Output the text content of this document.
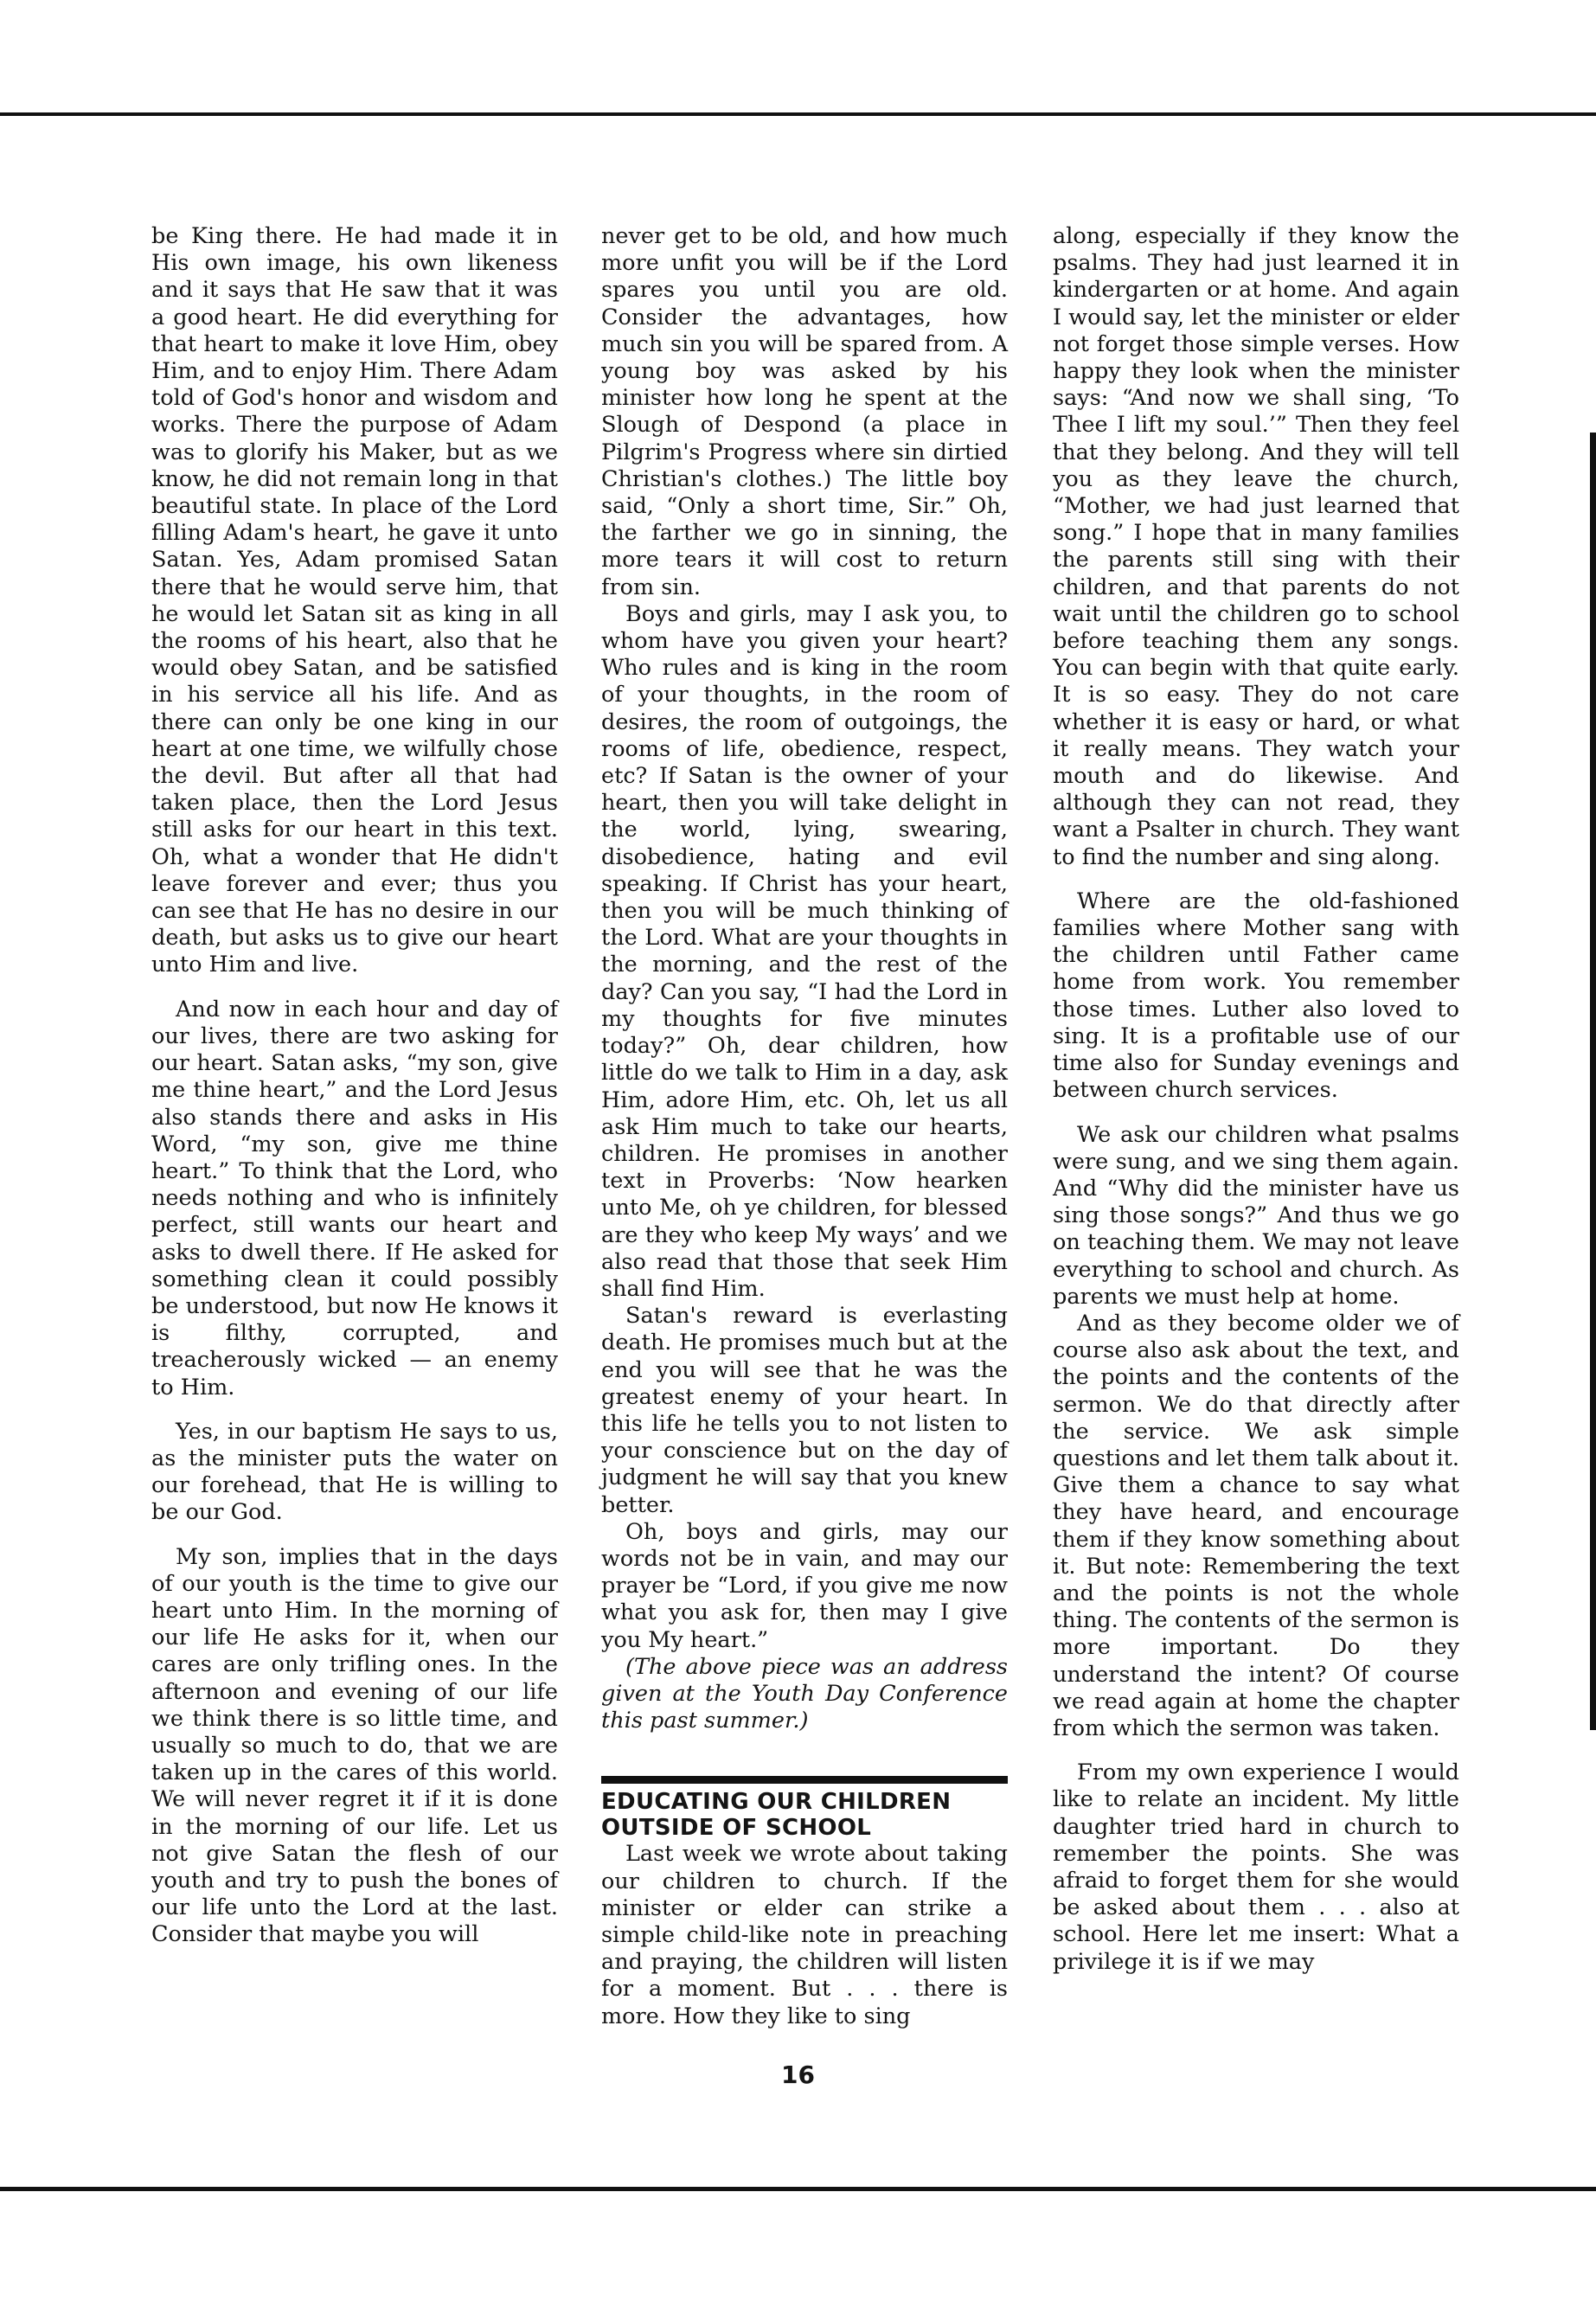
be King there. He had made it in His own image, his own likeness and it says that He saw that it was a good heart. He did everything for that heart to make it love Him, obey Him, and to enjoy Him. There Adam told of God's honor and wisdom and works. There the purpose of Adam was to glorify his Maker, but as we know, he did not remain long in that beautiful state. In place of the Lord filling Adam's heart, he gave it unto Satan. Yes, Adam promised Satan there that he would serve him, that he would let Satan sit as king in all the rooms of his heart, also that he would obey Satan, and be satisfied in his service all his life. And as there can only be one king in our heart at one time, we wilfully chose the devil. But after all that had taken place, then the Lord Jesus still asks for our heart in this text. Oh, what a wonder that He didn't leave forever and ever; thus you can see that He has no desire in our death, but asks us to give our heart unto Him and live.

And now in each hour and day of our lives, there are two asking for our heart. Satan asks, “my son, give me thine heart,” and the Lord Jesus also stands there and asks in His Word, “my son, give me thine heart.” To think that the Lord, who needs nothing and who is infinitely perfect, still wants our heart and asks to dwell there. If He asked for something clean it could possibly be understood, but now He knows it is filthy, corrupted, and treacherously wicked — an enemy to Him.

Yes, in our baptism He says to us, as the minister puts the water on our forehead, that He is willing to be our God.

My son, implies that in the days of our youth is the time to give our heart unto Him. In the morning of our life He asks for it, when our cares are only trifling ones. In the afternoon and evening of our life we think there is so little time, and usually so much to do, that we are taken up in the cares of this world. We will never regret it if it is done in the morning of our life. Let us not give Satan the flesh of our youth and try to push the bones of our life unto the Lord at the last. Consider that maybe you will

never get to be old, and how much more unfit you will be if the Lord spares you until you are old. Consider the advantages, how much sin you will be spared from. A young boy was asked by his minister how long he spent at the Slough of Despond (a place in Pilgrim's Progress where sin dirtied Christian's clothes.) The little boy said, “Only a short time, Sir.” Oh, the farther we go in sinning, the more tears it will cost to return from sin.

Boys and girls, may I ask you, to whom have you given your heart? Who rules and is king in the room of your thoughts, in the room of desires, the room of outgoings, the rooms of life, obedience, respect, etc? If Satan is the owner of your heart, then you will take delight in the world, lying, swearing, disobedience, hating and evil speaking. If Christ has your heart, then you will be much thinking of the Lord. What are your thoughts in the morning, and the rest of the day? Can you say, “I had the Lord in my thoughts for five minutes today?” Oh, dear children, how little do we talk to Him in a day, ask Him, adore Him, etc. Oh, let us all ask Him much to take our hearts, children. He promises in another text in Proverbs: ‘Now hearken unto Me, oh ye children, for blessed are they who keep My ways’ and we also read that those that seek Him shall find Him.

Satan's reward is everlasting death. He promises much but at the end you will see that he was the greatest enemy of your heart. In this life he tells you to not listen to your conscience but on the day of judgment he will say that you knew better.

Oh, boys and girls, may our words not be in vain, and may our prayer be “Lord, if you give me now what you ask for, then may I give you My heart.”

(The above piece was an address given at the Youth Day Conference this past summer.)

EDUCATING OUR CHILDREN OUTSIDE OF SCHOOL

Last week we wrote about taking our children to church. If the minister or elder can strike a simple child-like note in preaching and praying, the children will listen for a moment. But . . . there is more. How they like to sing

along, especially if they know the psalms. They had just learned it in kindergarten or at home. And again I would say, let the minister or elder not forget those simple verses. How happy they look when the minister says: “And now we shall sing, ‘To Thee I lift my soul.’” Then they feel that they belong. And they will tell you as they leave the church, “Mother, we had just learned that song.” I hope that in many families the parents still sing with their children, and that parents do not wait until the children go to school before teaching them any songs. You can begin with that quite early. It is so easy. They do not care whether it is easy or hard, or what it really means. They watch your mouth and do likewise. And although they can not read, they want a Psalter in church. They want to find the number and sing along.

Where are the old-fashioned families where Mother sang with the children until Father came home from work. You remember those times. Luther also loved to sing. It is a profitable use of our time also for Sunday evenings and between church services.

We ask our children what psalms were sung, and we sing them again. And “Why did the minister have us sing those songs?” And thus we go on teaching them. We may not leave everything to school and church. As parents we must help at home.

And as they become older we of course also ask about the text, and the points and the contents of the sermon. We do that directly after the service. We ask simple questions and let them talk about it. Give them a chance to say what they have heard, and encourage them if they know something about it. But note: Remembering the text and the points is not the whole thing. The contents of the sermon is more important. Do they understand the intent? Of course we read again at home the chapter from which the sermon was taken.

From my own experience I would like to relate an incident. My little daughter tried hard in church to remember the points. She was afraid to forget them for she would be asked about them . . . also at school. Here let me insert: What a privilege it is if we may

16
